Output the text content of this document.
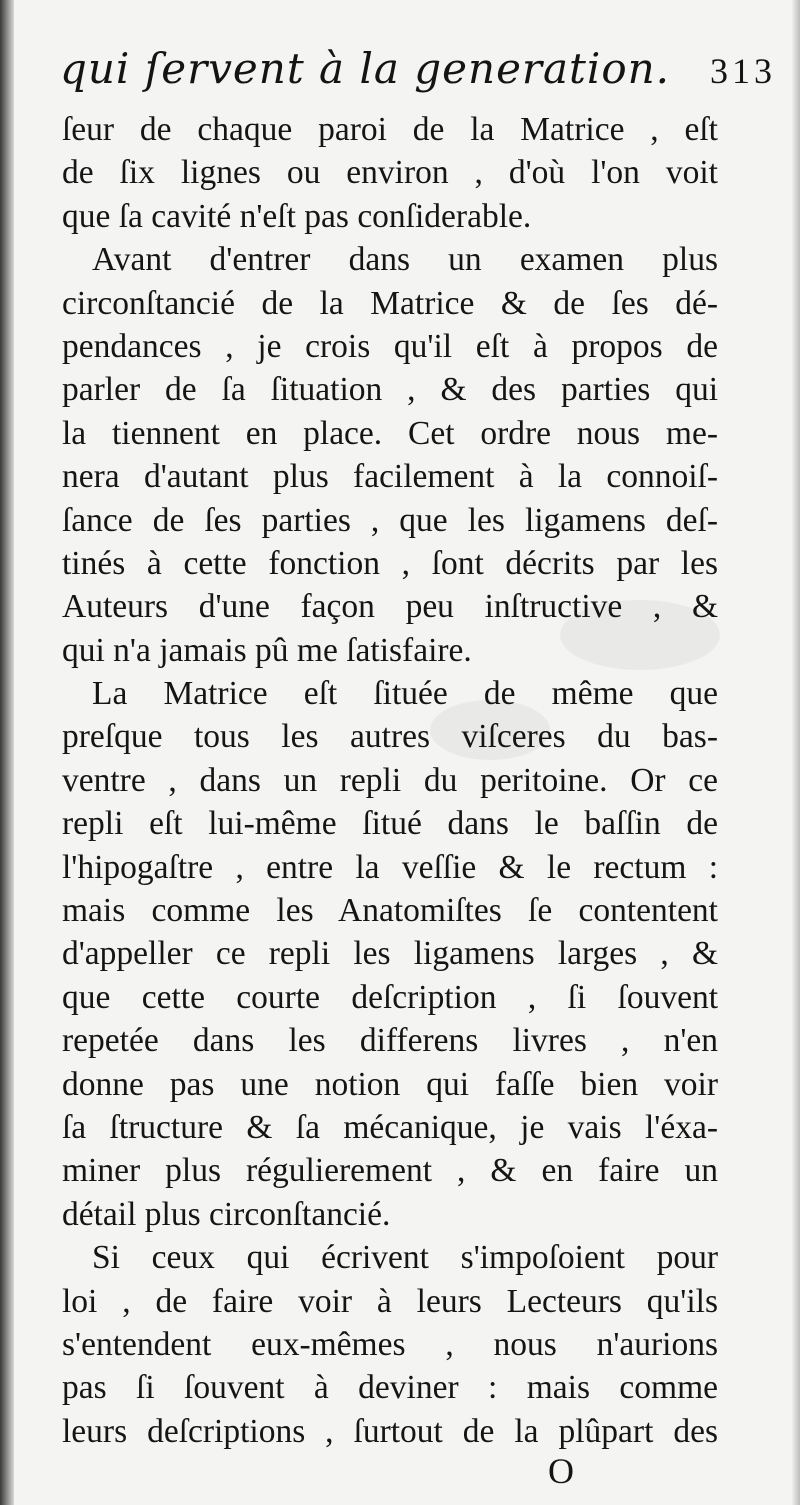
qui ſervent à la generation. 313
ſeur de chaque paroi de la Matrice , eſt
de ſix lignes ou environ , d'où l'on voit
que ſa cavité n'eſt pas conſiderable.
Avant d'entrer dans un examen plus
circonſtancié de la Matrice & de ſes dé-
pendances , je crois qu'il eſt à propos de
parler de ſa ſituation , & des parties qui
la tiennent en place. Cet ordre nous me-
nera d'autant plus facilement à la connoiſ-
ſance de ſes parties , que les ligamens deſ-
tinés à cette fonction , ſont décrits par les
Auteurs d'une façon peu inſtructive , &
qui n'a jamais pû me ſatisfaire.
La Matrice eſt ſituée de même que
preſque tous les autres viſceres du bas-
ventre , dans un repli du peritoine. Or ce
repli eſt lui-même ſitué dans le baſſin de
l'hipogaſtre , entre la veſſie & le rectum :
mais comme les Anatomiſtes ſe contentent
d'appeller ce repli les ligamens larges , &
que cette courte deſcription , ſi ſouvent
repetée dans les differens livres , n'en
donne pas une notion qui faſſe bien voir
ſa ſtructure & ſa mécanique, je vais l'éxa-
miner plus régulierement , & en faire un
détail plus circonſtancié.
Si ceux qui écrivent s'impoſoient pour
loi , de faire voir à leurs Lecteurs qu'ils
s'entendent eux-mêmes , nous n'aurions
pas ſi ſouvent à deviner : mais comme
leurs deſcriptions , ſurtout de la plûpart des
O
